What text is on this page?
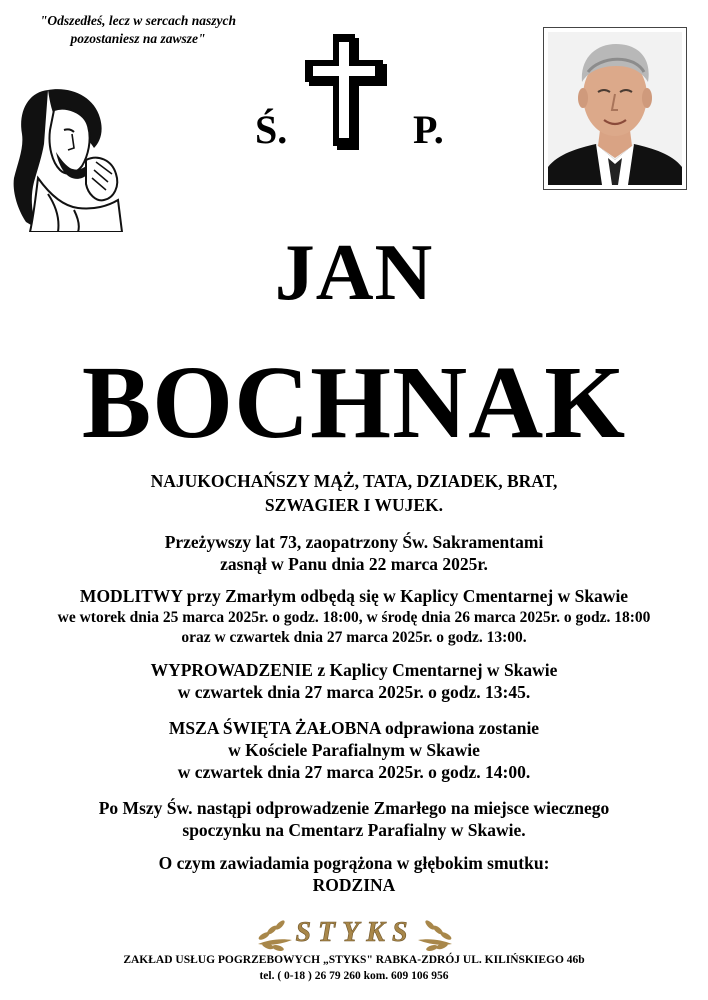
"Odszedłeś, lecz w sercach naszych
pozostaniesz na zawsze"
Ś.	P.
JAN
BOCHNAK
NAJUKOCHAŃSZY MĄŻ, TATA, DZIADEK, BRAT,
SZWAGIER I WUJEK.
Przeżywszy lat 73, zaopatrzony Św. Sakramentami
zasnął w Panu dnia 22 marca 2025r.
MODLITWY przy Zmarłym odbędą się w Kaplicy Cmentarnej w Skawie
we wtorek dnia 25 marca 2025r. o godz. 18:00, w środę dnia 26 marca 2025r. o godz. 18:00
oraz w czwartek dnia 27 marca 2025r. o godz. 13:00.
WYPROWADZENIE z Kaplicy Cmentarnej w Skawie
w czwartek dnia 27 marca 2025r. o godz. 13:45.
MSZA ŚWIĘTA ŻAŁOBNA odprawiona zostanie
w Kościele Parafialnym w Skawie
w czwartek dnia 27 marca 2025r. o godz. 14:00.
Po Mszy Św. nastąpi odprowadzenie Zmarłego na miejsce wiecznego
spoczynku na Cmentarz Parafialny w Skawie.
O czym zawiadamia pogrążona w głębokim smutku:
RODZINA
STYKS
ZAKŁAD USŁUG POGRZEBOWYCH „STYKS" RABKA-ZDRÓJ UL. KILIŃSKIEGO 46b
tel. ( 0-18 ) 26 79 260 kom. 609 106 956
